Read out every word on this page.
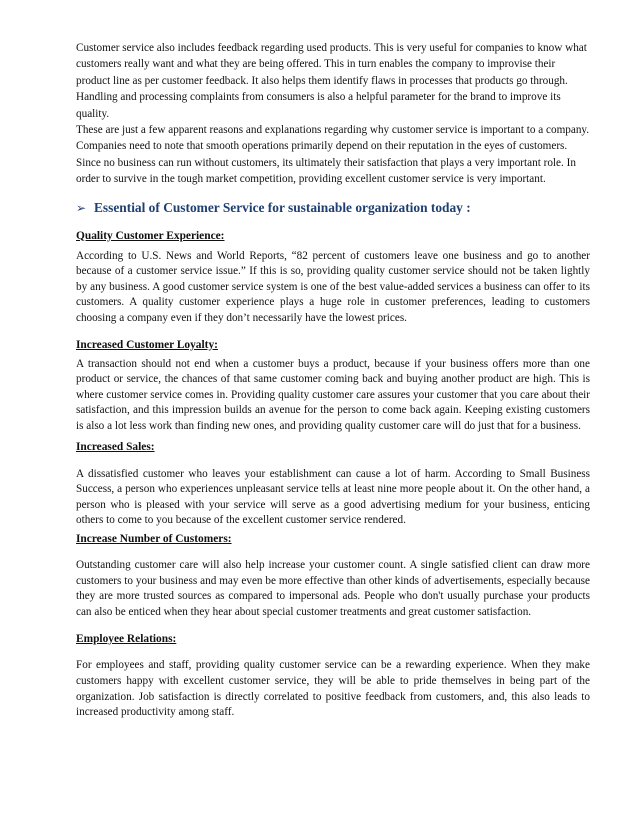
Customer service also includes feedback regarding used products. This is very useful for companies to know what customers really want and what they are being offered. This in turn enables the company to improvise their product line as per customer feedback. It also helps them identify flaws in processes that products go through. Handling and processing complaints from consumers is also a helpful parameter for the brand to improve its quality.

These are just a few apparent reasons and explanations regarding why customer service is important to a company. Companies need to note that smooth operations primarily depend on their reputation in the eyes of customers. Since no business can run without customers, its ultimately their satisfaction that plays a very important role. In order to survive in the tough market competition, providing excellent customer service is very important.

➢ Essential of Customer Service for sustainable organization today :
Quality Customer Experience:
According to U.S. News and World Reports, “82 percent of customers leave one business and go to another because of a customer service issue.” If this is so, providing quality customer service should not be taken lightly by any business. A good customer service system is one of the best value-added services a business can offer to its customers. A quality customer experience plays a huge role in customer preferences, leading to customers choosing a company even if they don’t necessarily have the lowest prices.
Increased Customer Loyalty:
A transaction should not end when a customer buys a product, because if your business offers more than one product or service, the chances of that same customer coming back and buying another product are high. This is where customer service comes in. Providing quality customer care assures your customer that you care about their satisfaction, and this impression builds an avenue for the person to come back again. Keeping existing customers is also a lot less work than finding new ones, and providing quality customer care will do just that for a business.
Increased Sales:
A dissatisfied customer who leaves your establishment can cause a lot of harm. According to Small Business Success, a person who experiences unpleasant service tells at least nine more people about it. On the other hand, a person who is pleased with your service will serve as a good advertising medium for your business, enticing others to come to you because of the excellent customer service rendered.
Increase Number of Customers:
Outstanding customer care will also help increase your customer count. A single satisfied client can draw more customers to your business and may even be more effective than other kinds of advertisements, especially because they are more trusted sources as compared to impersonal ads. People who don't usually purchase your products can also be enticed when they hear about special customer treatments and great customer satisfaction.
Employee Relations:
For employees and staff, providing quality customer service can be a rewarding experience. When they make customers happy with excellent customer service, they will be able to pride themselves in being part of the organization. Job satisfaction is directly correlated to positive feedback from customers, and, this also leads to increased productivity among staff.
